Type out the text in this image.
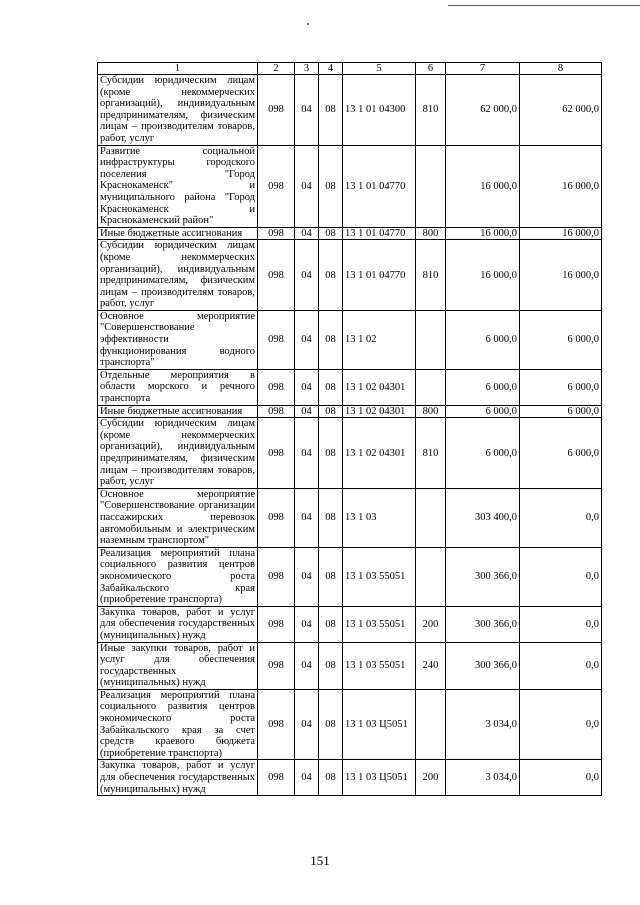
1	2	3	4	5	6	7	8
Субсидии юридическим лицам (кроме некоммерческих организаций), индивидуальным предпринимателям, физическим лицам – производителям товаров, работ, услуг	098	04	08	13 1 01 04300	810	62 000,0	62 000,0
Развитие социальной инфраструктуры городского поселения "Город Краснокаменск" и муниципального района "Город Краснокаменск и Краснокаменский район"	098	04	08	13 1 01 04770		16 000,0	16 000,0
Иные бюджетные ассигнования	098	04	08	13 1 01 04770	800	16 000,0	16 000,0
Субсидии юридическим лицам (кроме некоммерческих организаций), индивидуальным предпринимателям, физическим лицам – производителям товаров, работ, услуг	098	04	08	13 1 01 04770	810	16 000,0	16 000,0
Основное мероприятие "Совершенствование эффективности функционирования водного транспорта"	098	04	08	13 1 02		6 000,0	6 000,0
Отдельные мероприятия в области морского и речного транспорта	098	04	08	13 1 02 04301		6 000,0	6 000,0
Иные бюджетные ассигнования	098	04	08	13 1 02 04301	800	6 000,0	6 000,0
Субсидии юридическим лицам (кроме некоммерческих организаций), индивидуальным предпринимателям, физическим лицам – производителям товаров, работ, услуг	098	04	08	13 1 02 04301	810	6 000,0	6 000,0
Основное мероприятие "Совершенствование организации пассажирских перевозок автомобильным и электрическим наземным транспортом"	098	04	08	13 1 03		303 400,0	0,0
Реализация мероприятий плана социального развития центров экономического роста Забайкальского края (приобретение транспорта)	098	04	08	13 1 03 55051		300 366,0	0,0
Закупка товаров, работ и услуг для обеспечения государственных (муниципальных) нужд	098	04	08	13 1 03 55051	200	300 366,0	0,0
Иные закупки товаров, работ и услуг для обеспечения государственных (муниципальных) нужд	098	04	08	13 1 03 55051	240	300 366,0	0,0
Реализация мероприятий плана социального развития центров экономического роста Забайкальского края за счет средств краевого бюджета (приобретение транспорта)	098	04	08	13 1 03 Ц5051		3 034,0	0,0
Закупка товаров, работ и услуг для обеспечения государственных (муниципальных) нужд	098	04	08	13 1 03 Ц5051	200	3 034,0	0,0
151
